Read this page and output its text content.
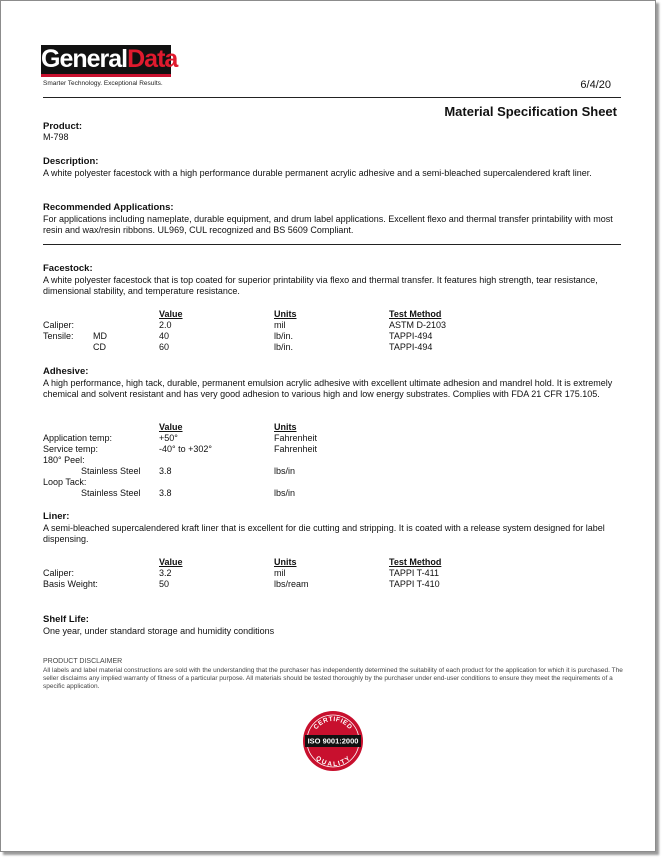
GeneralData
Smarter Technology. Exceptional Results.	6/4/20
Material Specification Sheet
Product:
M-798
Description:
A white polyester facestock with a high performance durable permanent acrylic adhesive and a semi-bleached supercalendered kraft liner.
Recommended Applications:
For applications including nameplate, durable equipment, and drum label applications. Excellent flexo and thermal transfer printability with most resin and wax/resin ribbons. UL969, CUL recognized and BS 5609 Compliant.
Facestock:
A white polyester facestock that is top coated for superior printability via flexo and thermal transfer. It features high strength, tear resistance, dimensional stability, and temperature resistance.
Value	Units	Test Method
Caliper:	2.0	mil	ASTM D-2103
Tensile: MD	40	lb/in.	TAPPI-494
CD	60	lb/in.	TAPPI-494
Adhesive:
A high performance, high tack, durable, permanent emulsion acrylic adhesive with excellent ultimate adhesion and mandrel hold. It is extremely chemical and solvent resistant and has very good adhesion to various high and low energy substrates. Complies with FDA 21 CFR 175.105.
Value	Units
Application temp:	+50°	Fahrenheit
Service temp:	-40° to +302°	Fahrenheit
180° Peel:
Stainless Steel 3.8	lbs/in
Loop Tack:
Stainless Steel 3.8	lbs/in
Liner:
A semi-bleached supercalendered kraft liner that is excellent for die cutting and stripping. It is coated with a release system designed for label dispensing.
Value	Units	Test Method
Caliper:	3.2	mil	TAPPI T-411
Basis Weight:	50	lbs/ream	TAPPI T-410
Shelf Life:
One year, under standard storage and humidity conditions
PRODUCT DISCLAIMER
All labels and label material constructions are sold with the understanding that the purchaser has independently determined the suitability of each product for the application for which it is purchased. The seller disclaims any implied warranty of fitness of a particular purpose. All materials should be tested thoroughly by the purchaser under end-user conditions to ensure they meet the requirements of a specific application.
CERTIFIED
ISO 9001:2000
QUALITY
